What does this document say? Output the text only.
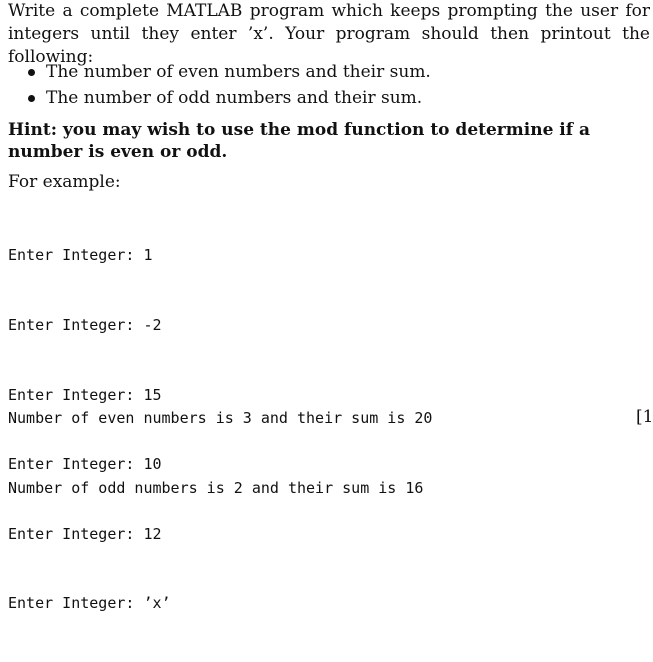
Write a complete MATLAB program which keeps prompting the user for integers until they enter ’x’. Your program should then printout the following:

The number of even numbers and their sum.
The number of odd numbers and their sum.

Hint: you may wish to use the mod function to determine if a number is even or odd.

For example:

Enter Integer: 1

Enter Integer: -2

Enter Integer: 15

Enter Integer: 10

Enter Integer: 12

Enter Integer: ’x’

Number of even numbers is 3 and their sum is 20

Number of odd numbers is 2 and their sum is 16

[1
